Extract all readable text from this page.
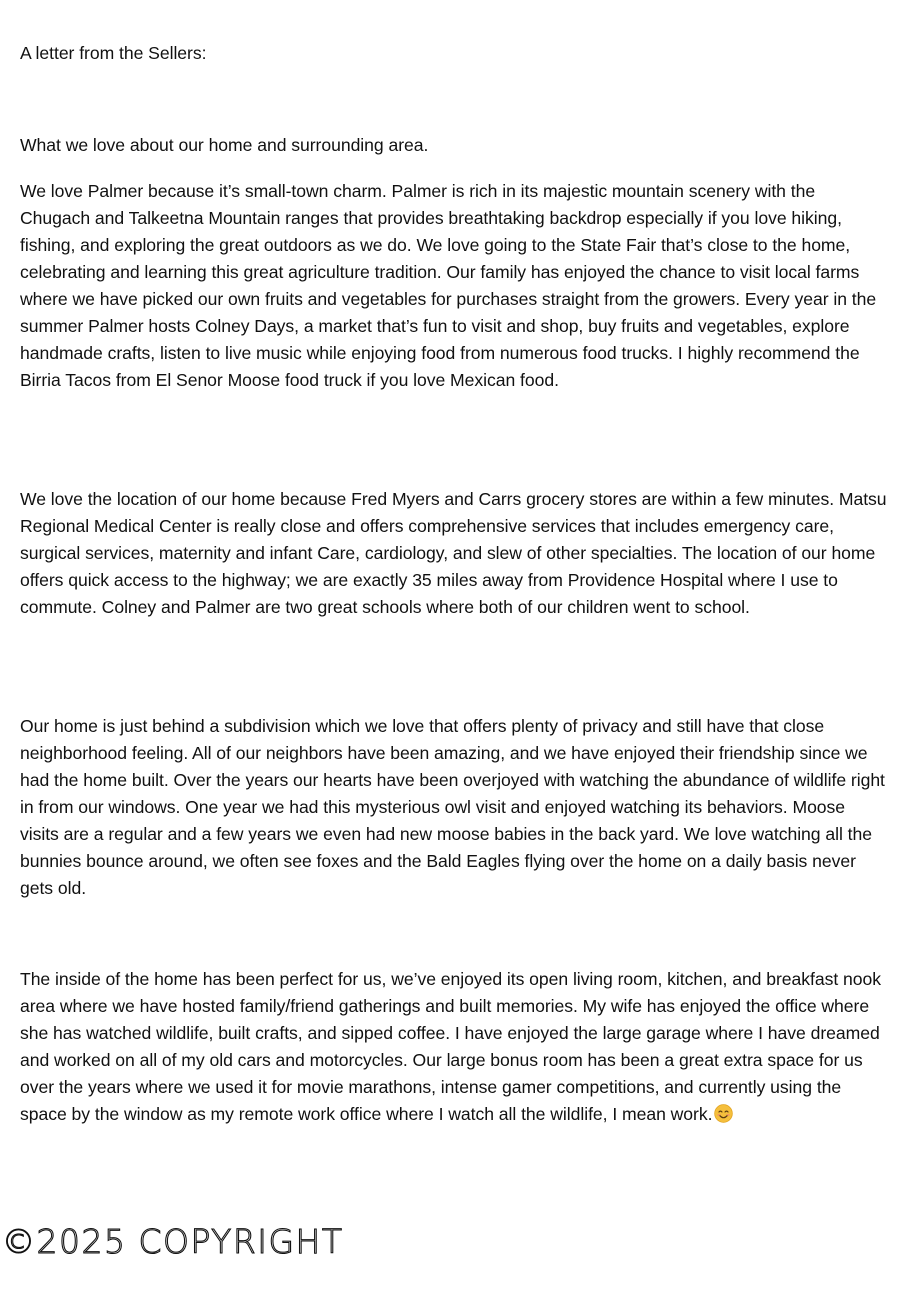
A letter from the Sellers:

What we love about our home and surrounding area.

We love Palmer because it’s small-town charm. Palmer is rich in its majestic mountain scenery with the Chugach and Talkeetna Mountain ranges that provides breathtaking backdrop especially if you love hiking, fishing, and exploring the great outdoors as we do. We love going to the State Fair that’s close to the home, celebrating and learning this great agriculture tradition. Our family has enjoyed the chance to visit local farms where we have picked our own fruits and vegetables for purchases straight from the growers. Every year in the summer Palmer hosts Colney Days, a market that’s fun to visit and shop, buy fruits and vegetables, explore handmade crafts, listen to live music while enjoying food from numerous food trucks. I highly recommend the Birria Tacos from El Senor Moose food truck if you love Mexican food.

We love the location of our home because Fred Myers and Carrs grocery stores are within a few minutes. Matsu Regional Medical Center is really close and offers comprehensive services that includes emergency care, surgical services, maternity and infant Care, cardiology, and slew of other specialties. The location of our home offers quick access to the highway; we are exactly 35 miles away from Providence Hospital where I use to commute. Colney and Palmer are two great schools where both of our children went to school.

Our home is just behind a subdivision which we love that offers plenty of privacy and still have that close neighborhood feeling. All of our neighbors have been amazing, and we have enjoyed their friendship since we had the home built. Over the years our hearts have been overjoyed with watching the abundance of wildlife right in from our windows. One year we had this mysterious owl visit and enjoyed watching its behaviors. Moose visits are a regular and a few years we even had new moose babies in the back yard. We love watching all the bunnies bounce around, we often see foxes and the Bald Eagles flying over the home on a daily basis never gets old.

The inside of the home has been perfect for us, we’ve enjoyed its open living room, kitchen, and breakfast nook area where we have hosted family/friend gatherings and built memories. My wife has enjoyed the office where she has watched wildlife, built crafts, and sipped coffee. I have enjoyed the large garage where I have dreamed and worked on all of my old cars and motorcycles. Our large bonus room has been a great extra space for us over the years where we used it for movie marathons, intense gamer competitions, and currently using the space by the window as my remote work office where I watch all the wildlife, I mean work.

©2025 COPYRIGHT
